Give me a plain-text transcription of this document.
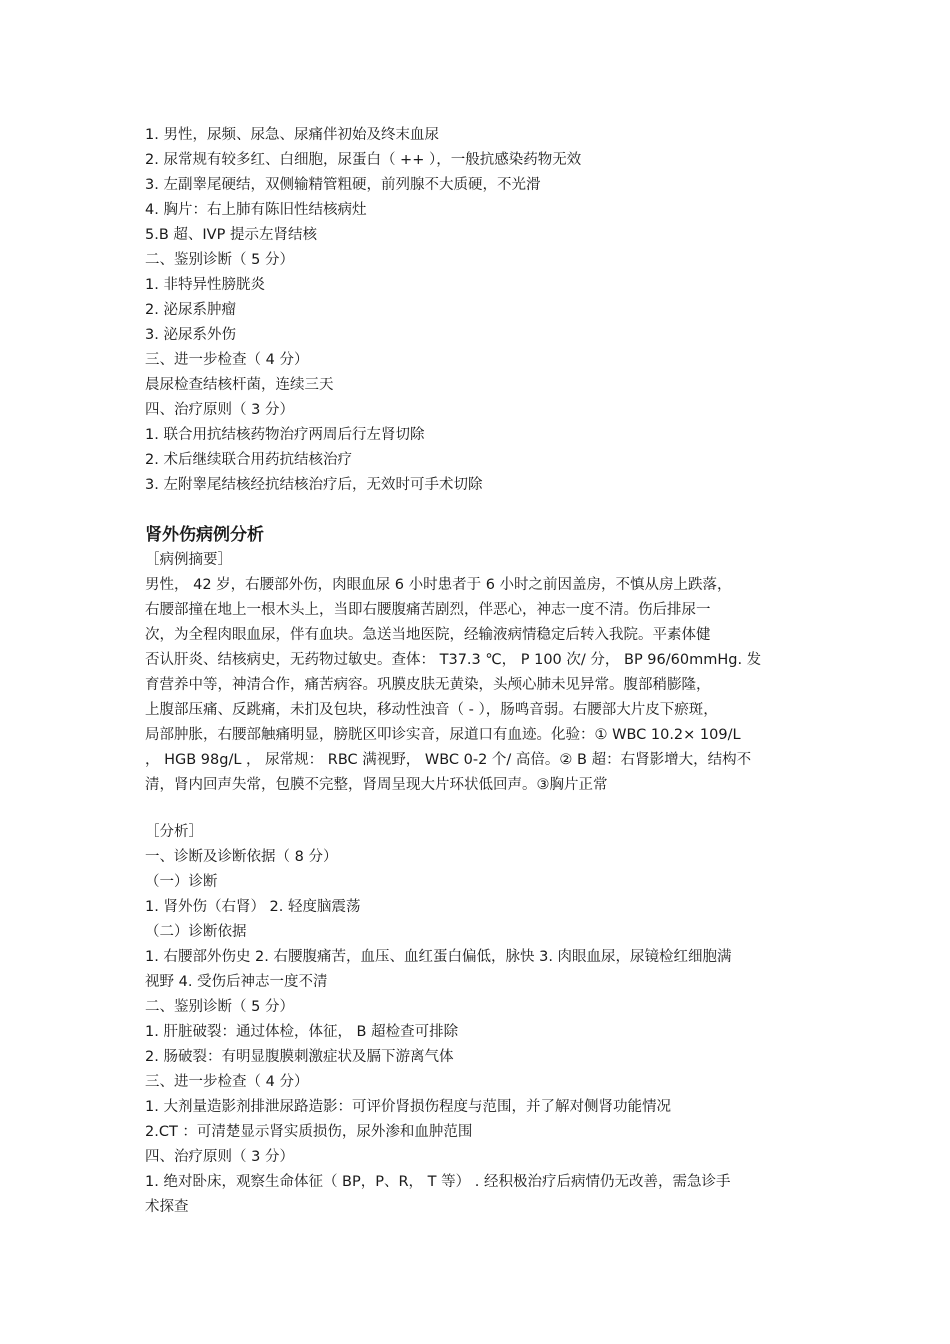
1. 男性，尿频、尿急、尿痛伴初始及终末血尿
2. 尿常规有较多红、白细胞，尿蛋白（ ++ ），一般抗感染药物无效
3. 左副睾尾硬结，双侧输精管粗硬，前列腺不大质硬，不光滑
4. 胸片：右上肺有陈旧性结核病灶
5.B 超、IVP 提示左肾结核
二、鉴别诊断（ 5 分）
1. 非特异性膀胱炎
2. 泌尿系肿瘤
3. 泌尿系外伤
三、进一步检查（ 4 分）
晨尿检查结核杆菌，连续三天
四、治疗原则（ 3 分）
1. 联合用抗结核药物治疗两周后行左肾切除
2. 术后继续联合用药抗结核治疗
3. 左附睾尾结核经抗结核治疗后，无效时可手术切除
肾外伤病例分析
［病例摘要］
男性， 42 岁，右腰部外伤，肉眼血尿 6 小时患者于 6 小时之前因盖房，不慎从房上跌落，
右腰部撞在地上一根木头上，当即右腰腹痛苦剧烈，伴恶心，神志一度不清。伤后排尿一
次，为全程肉眼血尿，伴有血块。急送当地医院，经输液病情稳定后转入我院。平素体健
否认肝炎、结核病史，无药物过敏史。查体： T37.3 ℃， P 100 次/ 分， BP 96/60mmHg. 发
育营养中等，神清合作，痛苦病容。巩膜皮肤无黄染，头颅心肺未见异常。腹部稍膨隆，
上腹部压痛、反跳痛，未扪及包块，移动性浊音（ - ），肠鸣音弱。右腰部大片皮下瘀斑，
局部肿胀，右腰部触痛明显，膀胱区叩诊实音，尿道口有血迹。化验：① WBC 10.2× 109/L
， HGB 98g/L ， 尿常规： RBC 满视野， WBC 0-2 个/ 高倍。② B 超：右肾影增大，结构不
清，肾内回声失常，包膜不完整，肾周呈现大片环状低回声。③胸片正常
［分析］
一、诊断及诊断依据（ 8 分）
（一）诊断
1. 肾外伤（右肾） 2. 轻度脑震荡
（二）诊断依据
1. 右腰部外伤史 2. 右腰腹痛苦，血压、血红蛋白偏低，脉快 3. 肉眼血尿，尿镜检红细胞满
视野 4. 受伤后神志一度不清
二、鉴别诊断（ 5 分）
1. 肝脏破裂：通过体检，体征， B 超检查可排除
2. 肠破裂：有明显腹膜刺激症状及膈下游离气体
三、进一步检查（ 4 分）
1. 大剂量造影剂排泄尿路造影：可评价肾损伤程度与范围，并了解对侧肾功能情况
2.CT ：可清楚显示肾实质损伤，尿外渗和血肿范围
四、治疗原则（ 3 分）
1. 绝对卧床，观察生命体征（ BP，P、R， T 等） . 经积极治疗后病情仍无改善，需急诊手
术探查
